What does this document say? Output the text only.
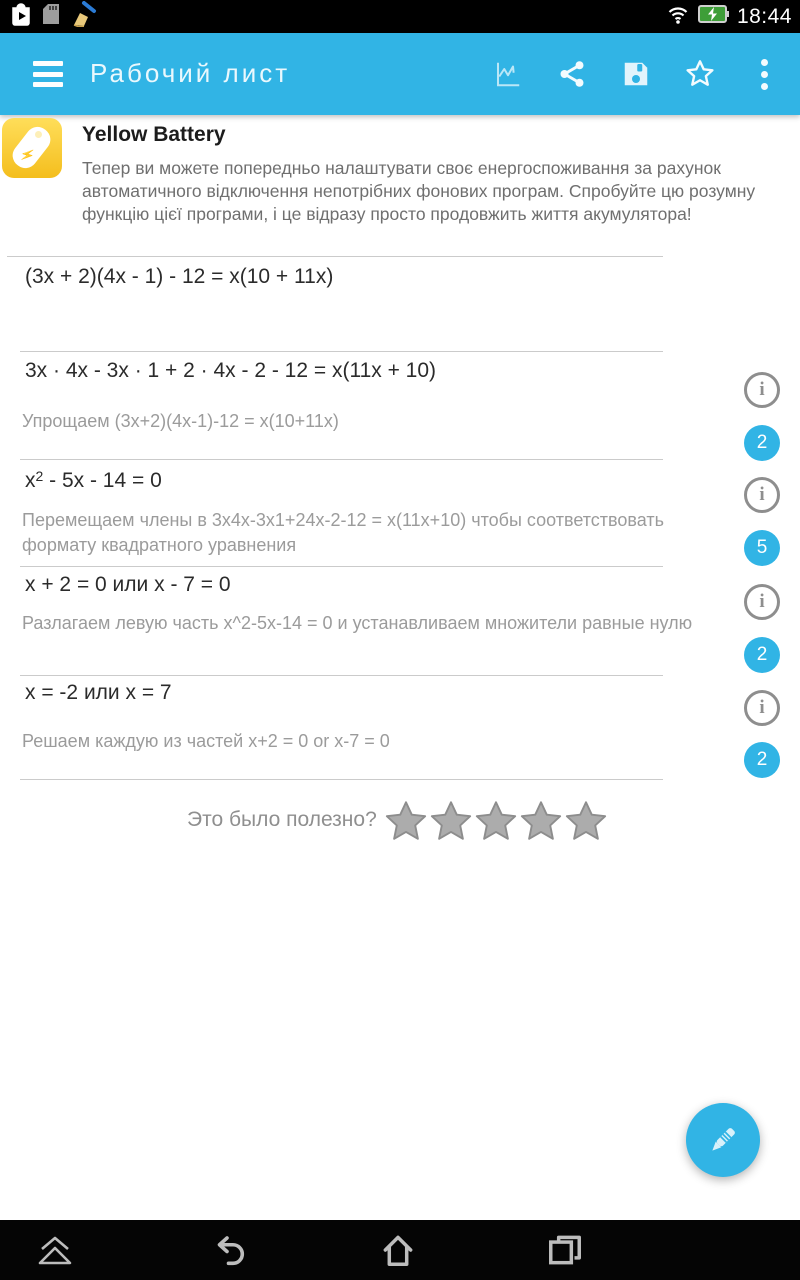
18:44
Рабочий лист
⚡
Yellow Battery
Тепер ви можете попередньо налаштувати своє енергоспоживання за рахунок автоматичного відключення непотрібних фонових програм. Спробуйте цю розумну функцію цієї програми, і це відразу просто продовжить життя акумулятора!
(3x + 2)(4x - 1) - 12 = x(10 + 11x)
3x · 4x - 3x · 1 + 2 · 4x - 2 - 12 = x(11x + 10)
Упрощаем (3x+2)(4x-1)-12 = x(10+11x)
$x^2 - 5x - 14 = 0$
Перемещаем члены в 3x4x-3x1+24x-2-12 = x(11x+10) чтобы соответствовать формату квадратного уравнения
x + 2 = 0 или x - 7 = 0
Разлагаем левую часть x^2-5x-14 = 0 и устанавливаем множители равные нулю
x = -2 или x = 7
Решаем каждую из частей x+2 = 0 or x-7 = 0
i
2
i
5
i
2
i
2
Это было полезно?
